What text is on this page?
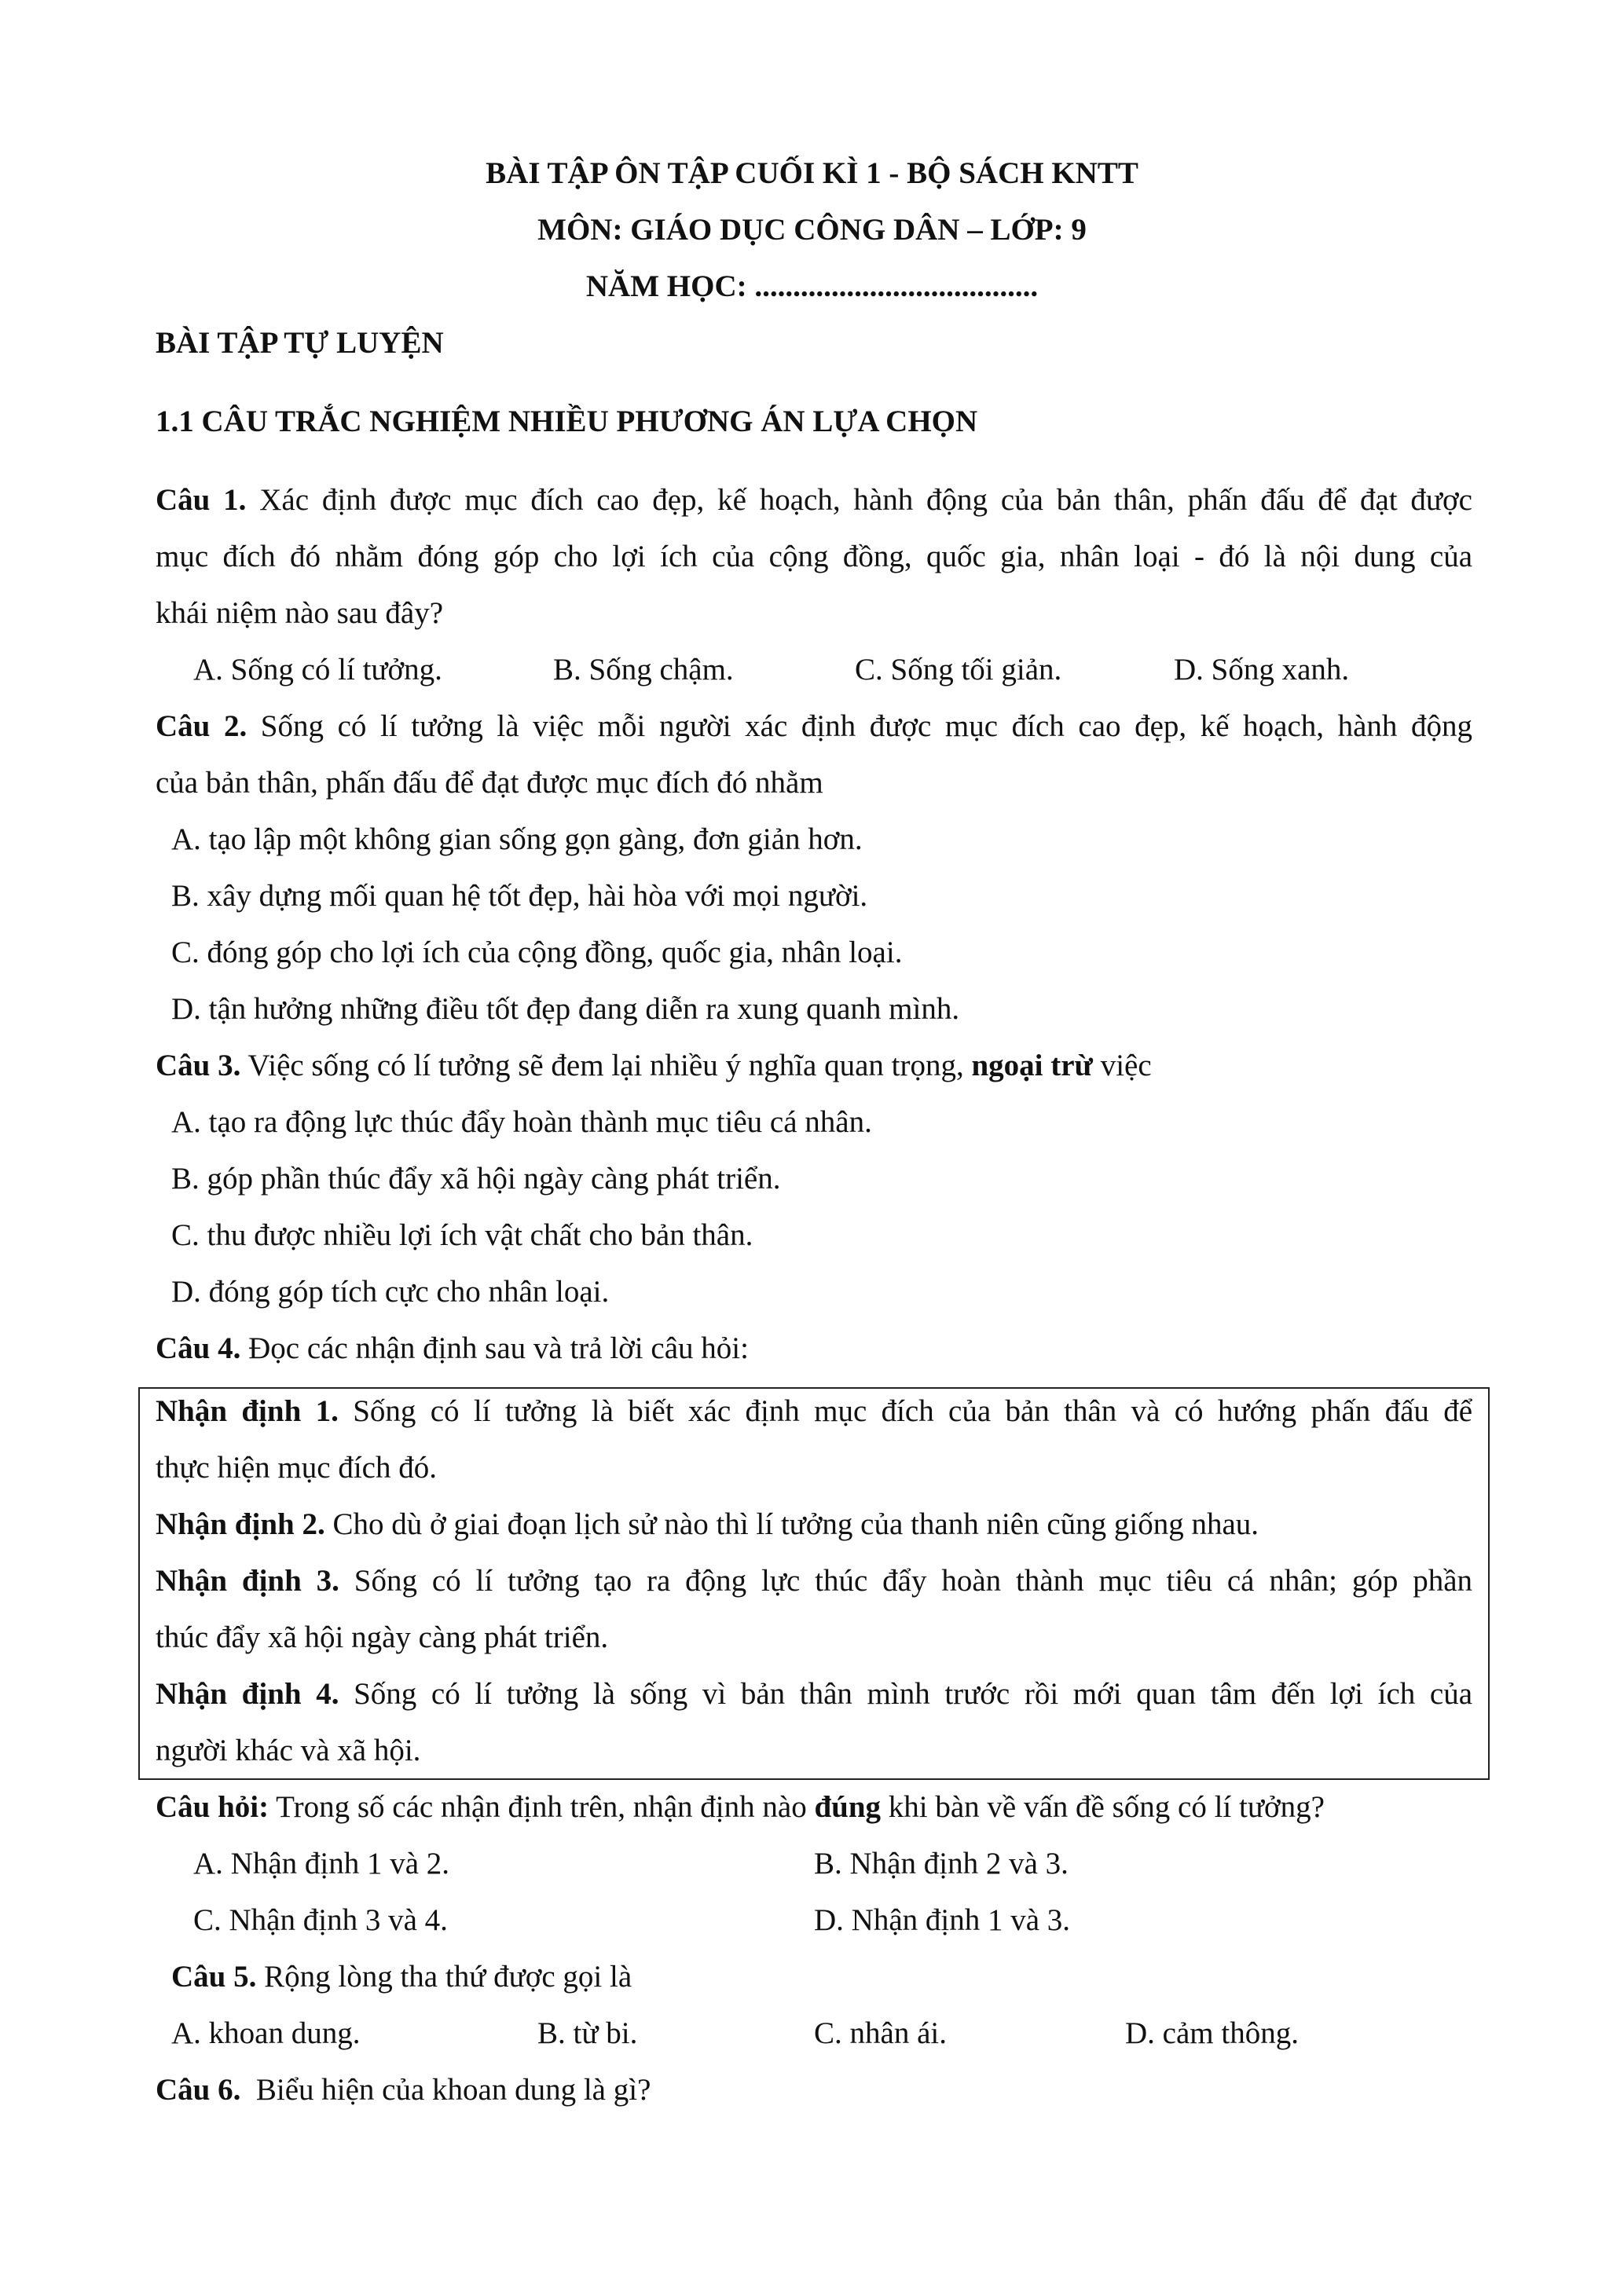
BÀI TẬP ÔN TẬP CUỐI KÌ 1 - BỘ SÁCH KNTT
MÔN: GIÁO DỤC CÔNG DÂN – LỚP: 9
NĂM HỌC: .....................................
BÀI TẬP TỰ LUYỆN
1.1 CÂU TRẮC NGHIỆM NHIỀU PHƯƠNG ÁN LỰA CHỌN
Câu 1. Xác định được mục đích cao đẹp, kế hoạch, hành động của bản thân, phấn đấu để đạt được
mục đích đó nhằm đóng góp cho lợi ích của cộng đồng, quốc gia, nhân loại - đó là nội dung của
khái niệm nào sau đây?
A. Sống có lí tưởng.	B. Sống chậm.	C. Sống tối giản.	D. Sống xanh.
Câu 2. Sống có lí tưởng là việc mỗi người xác định được mục đích cao đẹp, kế hoạch, hành động
của bản thân, phấn đấu để đạt được mục đích đó nhằm
A. tạo lập một không gian sống gọn gàng, đơn giản hơn.
B. xây dựng mối quan hệ tốt đẹp, hài hòa với mọi người.
C. đóng góp cho lợi ích của cộng đồng, quốc gia, nhân loại.
D. tận hưởng những điều tốt đẹp đang diễn ra xung quanh mình.
Câu 3. Việc sống có lí tưởng sẽ đem lại nhiều ý nghĩa quan trọng, ngoại trừ việc
A. tạo ra động lực thúc đẩy hoàn thành mục tiêu cá nhân.
B. góp phần thúc đẩy xã hội ngày càng phát triển.
C. thu được nhiều lợi ích vật chất cho bản thân.
D. đóng góp tích cực cho nhân loại.
Câu 4. Đọc các nhận định sau và trả lời câu hỏi:
Nhận định 1. Sống có lí tưởng là biết xác định mục đích của bản thân và có hướng phấn đấu để
thực hiện mục đích đó.
Nhận định 2. Cho dù ở giai đoạn lịch sử nào thì lí tưởng của thanh niên cũng giống nhau.
Nhận định 3. Sống có lí tưởng tạo ra động lực thúc đẩy hoàn thành mục tiêu cá nhân; góp phần
thúc đẩy xã hội ngày càng phát triển.
Nhận định 4. Sống có lí tưởng là sống vì bản thân mình trước rồi mới quan tâm đến lợi ích của
người khác và xã hội.
Câu hỏi: Trong số các nhận định trên, nhận định nào đúng khi bàn về vấn đề sống có lí tưởng?
A. Nhận định 1 và 2.	B. Nhận định 2 và 3.
C. Nhận định 3 và 4.	D. Nhận định 1 và 3.
Câu 5. Rộng lòng tha thứ được gọi là
A. khoan dung.	B. từ bi.	C. nhân ái.	D. cảm thông.
Câu 6.  Biểu hiện của khoan dung là gì?
